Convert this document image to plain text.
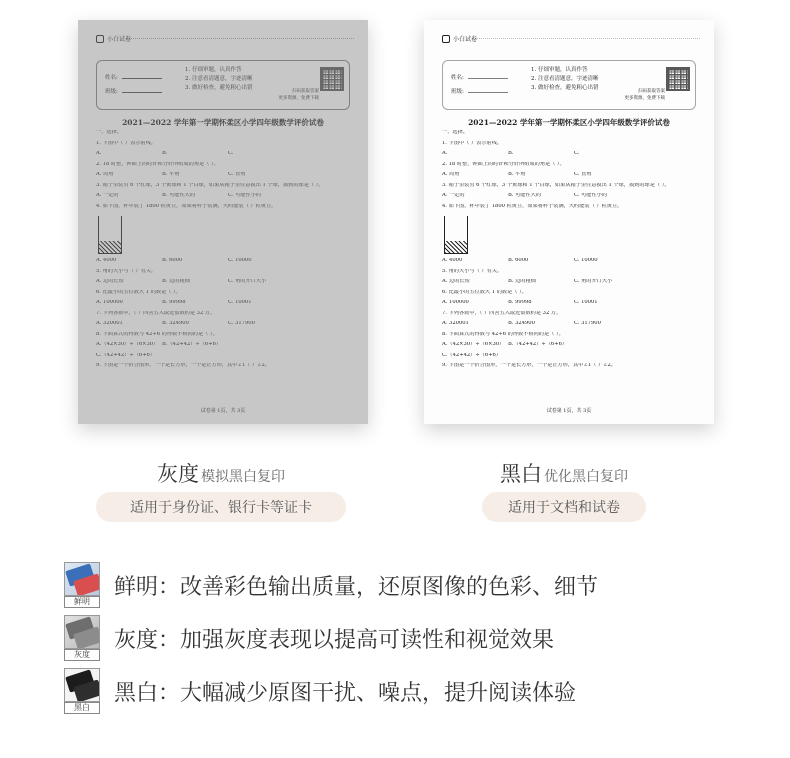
小白试卷
姓名:
班级:
1. 仔细审题，认真作答
2. 注意看清题意，字迹清晰
3. 做好检查，避免粗心出错
扫码获取答案
更多资源，免费下载
2021—2022 学年第一学期怀柔区小学四年级数学评价试卷
一、选择。
1. 下图中（ ）表示射线。
A.	B.	C.
2. 18 时整，钟面上的时针和分针所组成的角是（ ）。
A. 周角	B. 平角	C. 直角
3. 箱子里装有 6 个红球，3 个黄球和 1 个白球，如果从箱子里任意摸出 1 个球，摸到的球是（ ）。
A. 一定的	B. 可能性大的	C. 可能性小的
4. 如下图，杯中装了 1800 粒黄豆，如果将杯子装满，大约能装（ ）粒黄豆。
A. 4000	B. 6000	C. 10000
5. 角的大小与（ ）有关。
A. 边的长短	B. 边的粗细	C. 角的开口大小
6. 比最小的五位数大 1 的数是（ ）。
A. 100000	B. 99998	C. 10001
7. 下列各数中，（ ）四舍五入取近似数约是 32 万。
A. 320001	B. 324900	C. 317900
8. 下面算式的得数与 42÷6 的得数不相同的是（ ）。
A.（42×30）÷（6×30） B.（42+42）÷（6+6）
C.（42+42）÷（6+6）
9. 下图是一个折合图形，一个是长方形，一个是正方形，其中∠1（ ）∠2。
试卷第 1页，共 3页
小白试卷
姓名:
班级:
1. 仔细审题，认真作答
2. 注意看清题意，字迹清晰
3. 做好检查，避免粗心出错
扫码获取答案
更多资源，免费下载
2021—2022 学年第一学期怀柔区小学四年级数学评价试卷
一、选择。
1. 下图中（ ）表示射线。
A.	B.	C.
2. 18 时整，钟面上的时针和分针所组成的角是（ ）。
A. 周角	B. 平角	C. 直角
3. 箱子里装有 6 个红球，3 个黄球和 1 个白球，如果从箱子里任意摸出 1 个球，摸到的球是（ ）。
A. 一定的	B. 可能性大的	C. 可能性小的
4. 如下图，杯中装了 1800 粒黄豆，如果将杯子装满，大约能装（ ）粒黄豆。
A. 4000	B. 6000	C. 10000
5. 角的大小与（ ）有关。
A. 边的长短	B. 边的粗细	C. 角的开口大小
6. 比最小的五位数大 1 的数是（ ）。
A. 100000	B. 99998	C. 10001
7. 下列各数中，（ ）四舍五入取近似数约是 32 万。
A. 320001	B. 324900	C. 317900
8. 下面算式的得数与 42÷6 的得数不相同的是（ ）。
A.（42×30）÷（6×30） B.（42+42）÷（6+6）
C.（42+42）÷（6+6）
9. 下图是一个折合图形，一个是长方形，一个是正方形，其中∠1（ ）∠2。
试卷第 1页，共 3页
灰度 模拟黑白复印	黑白 优化黑白复印
适用于身份证、银行卡等证卡	适用于文档和试卷
鲜明
鲜明：改善彩色输出质量，还原图像的色彩、细节
灰度
灰度：加强灰度表现以提高可读性和视觉效果
黑白
黑白：大幅减少原图干扰、噪点，提升阅读体验
